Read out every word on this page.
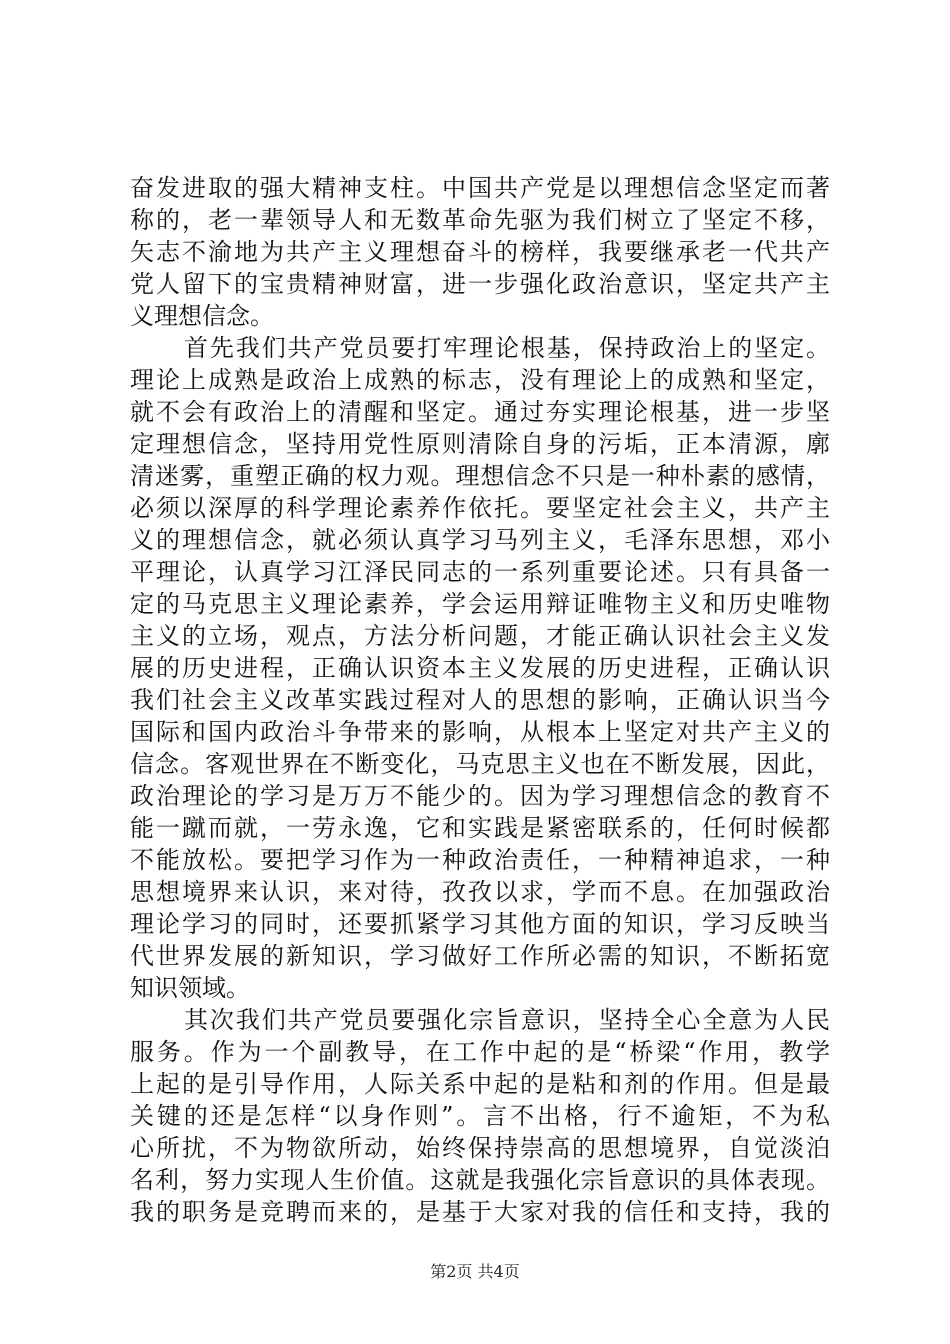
奋发进取的强大精神支柱。中国共产党是以理想信念坚定而著
称的，老一辈领导人和无数革命先驱为我们树立了坚定不移，
矢志不渝地为共产主义理想奋斗的榜样，我要继承老一代共产
党人留下的宝贵精神财富，进一步强化政治意识，坚定共产主
义理想信念。
首先我们共产党员要打牢理论根基，保持政治上的坚定。
理论上成熟是政治上成熟的标志，没有理论上的成熟和坚定，
就不会有政治上的清醒和坚定。通过夯实理论根基，进一步坚
定理想信念，坚持用党性原则清除自身的污垢，正本清源，廓
清迷雾，重塑正确的权力观。理想信念不只是一种朴素的感情，
必须以深厚的科学理论素养作依托。要坚定社会主义，共产主
义的理想信念，就必须认真学习马列主义，毛泽东思想，邓小
平理论，认真学习江泽民同志的一系列重要论述。只有具备一
定的马克思主义理论素养，学会运用辩证唯物主义和历史唯物
主义的立场，观点，方法分析问题，才能正确认识社会主义发
展的历史进程，正确认识资本主义发展的历史进程，正确认识
我们社会主义改革实践过程对人的思想的影响，正确认识当今
国际和国内政治斗争带来的影响，从根本上坚定对共产主义的
信念。客观世界在不断变化，马克思主义也在不断发展，因此，
政治理论的学习是万万不能少的。因为学习理想信念的教育不
能一蹴而就，一劳永逸，它和实践是紧密联系的，任何时候都
不能放松。要把学习作为一种政治责任，一种精神追求，一种
思想境界来认识，来对待，孜孜以求，学而不息。在加强政治
理论学习的同时，还要抓紧学习其他方面的知识，学习反映当
代世界发展的新知识，学习做好工作所必需的知识，不断拓宽
知识领域。
其次我们共产党员要强化宗旨意识，坚持全心全意为人民
服务。作为一个副教导，在工作中起的是“桥梁“作用，教学
上起的是引导作用，人际关系中起的是粘和剂的作用。但是最
关键的还是怎样“以身作则”。言不出格，行不逾矩，不为私
心所扰，不为物欲所动，始终保持崇高的思想境界，自觉淡泊
名利，努力实现人生价值。这就是我强化宗旨意识的具体表现。
我的职务是竞聘而来的，是基于大家对我的信任和支持，我的
第2页 共4页
